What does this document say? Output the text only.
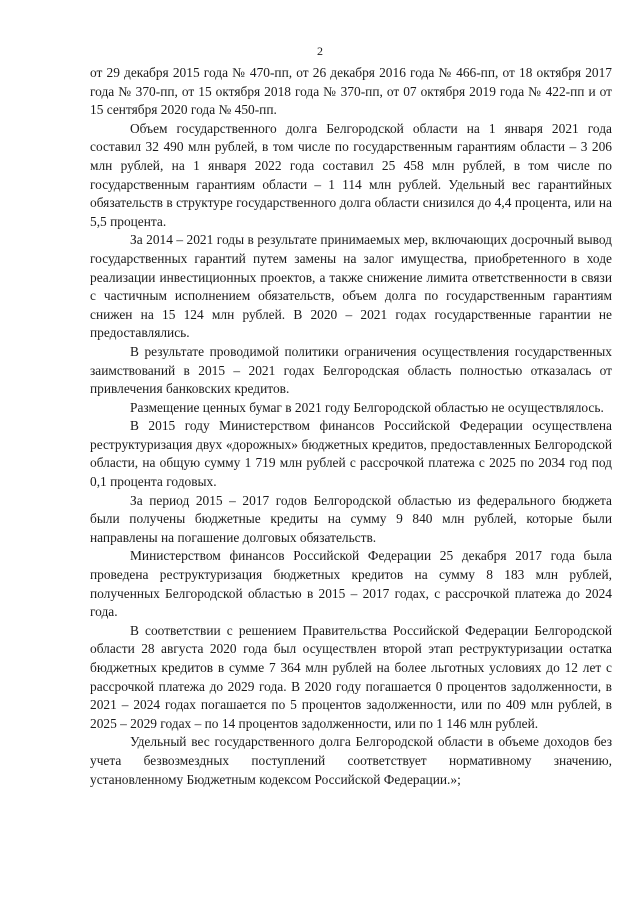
2

от 29 декабря 2015 года № 470-пп, от 26 декабря 2016 года № 466-пп, от 18 октября 2017 года № 370-пп, от 15 октября 2018 года № 370-пп, от 07 октября 2019 года № 422-пп и от 15 сентября 2020 года № 450-пп.

Объем государственного долга Белгородской области на 1 января 2021 года составил 32 490 млн рублей, в том числе по государственным гарантиям области – 3 206 млн рублей, на 1 января 2022 года составил 25 458 млн рублей, в том числе по государственным гарантиям области – 1 114 млн рублей. Удельный вес гарантийных обязательств в структуре государственного долга области снизился до 4,4 процента, или на 5,5 процента.

За 2014 – 2021 годы в результате принимаемых мер, включающих досрочный вывод государственных гарантий путем замены на залог имущества, приобретенного в ходе реализации инвестиционных проектов, а также снижение лимита ответственности в связи с частичным исполнением обязательств, объем долга по государственным гарантиям снижен на 15 124 млн рублей. В 2020 – 2021 годах государственные гарантии не предоставлялись.

В результате проводимой политики ограничения осуществления государственных заимствований в 2015 – 2021 годах Белгородская область полностью отказалась от привлечения банковских кредитов.

Размещение ценных бумаг в 2021 году Белгородской областью не осуществлялось.

В 2015 году Министерством финансов Российской Федерации осуществлена реструктуризация двух «дорожных» бюджетных кредитов, предоставленных Белгородской области, на общую сумму 1 719 млн рублей с рассрочкой платежа с 2025 по 2034 год под 0,1 процента годовых.

За период 2015 – 2017 годов Белгородской областью из федерального бюджета были получены бюджетные кредиты на сумму 9 840 млн рублей, которые были направлены на погашение долговых обязательств.

Министерством финансов Российской Федерации 25 декабря 2017 года была проведена реструктуризация бюджетных кредитов на сумму 8 183 млн рублей, полученных Белгородской областью в 2015 – 2017 годах, с рассрочкой платежа до 2024 года.

В соответствии с решением Правительства Российской Федерации Белгородской области 28 августа 2020 года был осуществлен второй этап реструктуризации остатка бюджетных кредитов в сумме 7 364 млн рублей на более льготных условиях до 12 лет с рассрочкой платежа до 2029 года. В 2020 году погашается 0 процентов задолженности, в 2021 – 2024 годах погашается по 5 процентов задолженности, или по 409 млн рублей, в 2025 – 2029 годах – по 14 процентов задолженности, или по 1 146 млн рублей.

Удельный вес государственного долга Белгородской области в объеме доходов без учета безвозмездных поступлений соответствует нормативному значению, установленному Бюджетным кодексом Российской Федерации.»;
